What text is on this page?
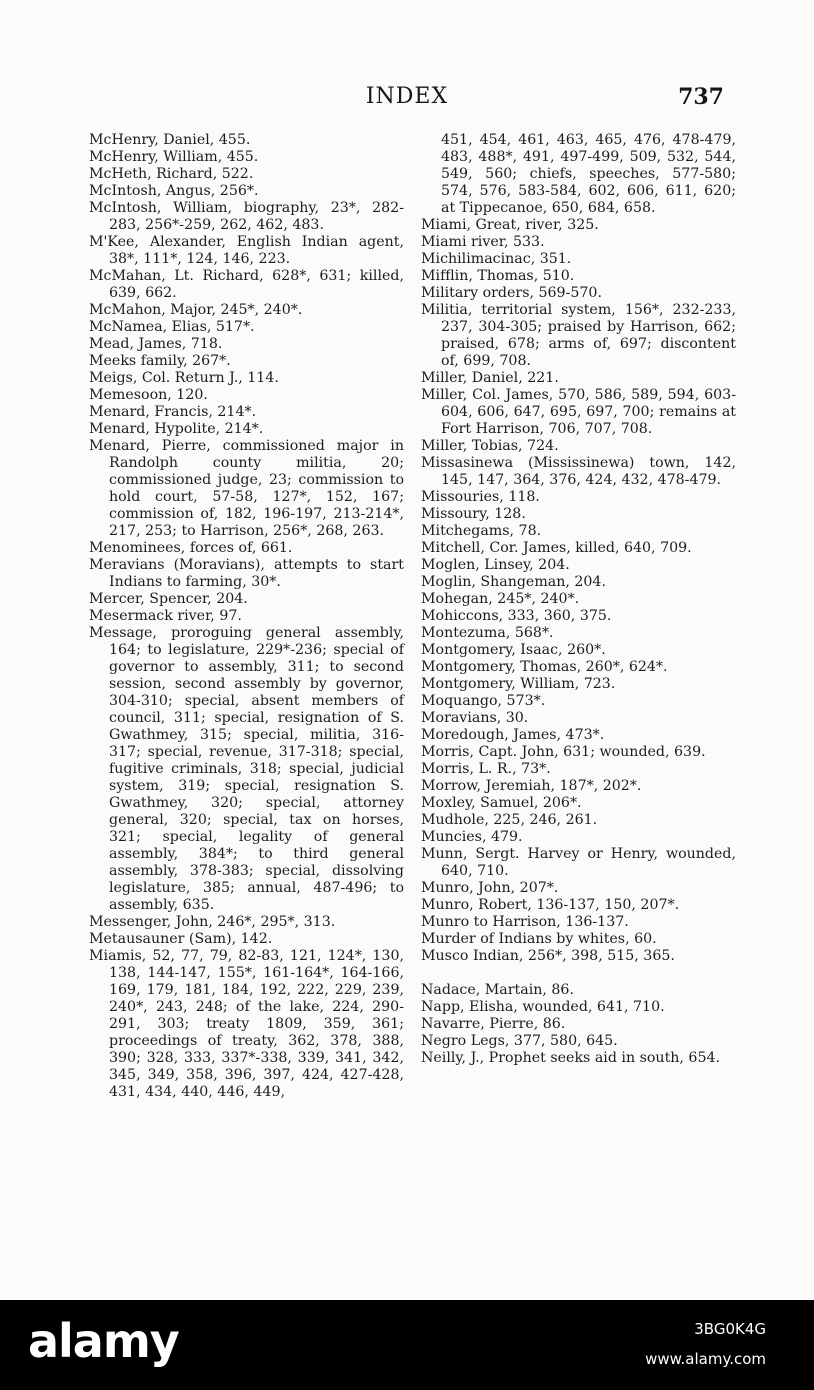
INDEX	737
McHenry, Daniel, 455.
McHenry, William, 455.
McHeth, Richard, 522.
McIntosh, Angus, 256*.
McIntosh, William, biography, 23*, 282-283, 256*-259, 262, 462, 483.
M'Kee, Alexander, English Indian agent, 38*, 111*, 124, 146, 223.
McMahan, Lt. Richard, 628*, 631; killed, 639, 662.
McMahon, Major, 245*, 240*.
McNamea, Elias, 517*.
Mead, James, 718.
Meeks family, 267*.
Meigs, Col. Return J., 114.
Memesoon, 120.
Menard, Francis, 214*.
Menard, Hypolite, 214*.
Menard, Pierre, commissioned major in Randolph county militia, 20; commissioned judge, 23; commission to hold court, 57-58, 127*, 152, 167; commission of, 182, 196-197, 213-214*, 217, 253; to Harrison, 256*, 268, 263.
Menominees, forces of, 661.
Meravians (Moravians), attempts to start Indians to farming, 30*.
Mercer, Spencer, 204.
Mesermack river, 97.
Message, proroguing general assembly, 164; to legislature, 229*-236; special of governor to assembly, 311; to second session, second assembly by governor, 304-310; special, absent members of council, 311; special, resignation of S. Gwathmey, 315; special, militia, 316-317; special, revenue, 317-318; special, fugitive criminals, 318; special, judicial system, 319; special, resignation S. Gwathmey, 320; special, attorney general, 320; special, tax on horses, 321; special, legality of general assembly, 384*; to third general assembly, 378-383; special, dissolving legislature, 385; annual, 487-496; to assembly, 635.
Messenger, John, 246*, 295*, 313.
Metausauner (Sam), 142.
Miamis, 52, 77, 79, 82-83, 121, 124*, 130, 138, 144-147, 155*, 161-164*, 164-166, 169, 179, 181, 184, 192, 222, 229, 239, 240*, 243, 248; of the lake, 224, 290-291, 303; treaty 1809, 359, 361; proceedings of treaty, 362, 378, 388, 390; 328, 333, 337*-338, 339, 341, 342, 345, 349, 358, 396, 397, 424, 427-428, 431, 434, 440, 446, 449,
451, 454, 461, 463, 465, 476, 478-479, 483, 488*, 491, 497-499, 509, 532, 544, 549, 560; chiefs, speeches, 577-580; 574, 576, 583-584, 602, 606, 611, 620; at Tippecanoe, 650, 684, 658.
Miami, Great, river, 325.
Miami river, 533.
Michilimacinac, 351.
Mifflin, Thomas, 510.
Military orders, 569-570.
Militia, territorial system, 156*, 232-233, 237, 304-305; praised by Harrison, 662; praised, 678; arms of, 697; discontent of, 699, 708.
Miller, Daniel, 221.
Miller, Col. James, 570, 586, 589, 594, 603-604, 606, 647, 695, 697, 700; remains at Fort Harrison, 706, 707, 708.
Miller, Tobias, 724.
Missasinewa (Mississinewa) town, 142, 145, 147, 364, 376, 424, 432, 478-479.
Missouries, 118.
Missoury, 128.
Mitchegams, 78.
Mitchell, Cor. James, killed, 640, 709.
Moglen, Linsey, 204.
Moglin, Shangeman, 204.
Mohegan, 245*, 240*.
Mohiccons, 333, 360, 375.
Montezuma, 568*.
Montgomery, Isaac, 260*.
Montgomery, Thomas, 260*, 624*.
Montgomery, William, 723.
Moquango, 573*.
Moravians, 30.
Moredough, James, 473*.
Morris, Capt. John, 631; wounded, 639.
Morris, L. R., 73*.
Morrow, Jeremiah, 187*, 202*.
Moxley, Samuel, 206*.
Mudhole, 225, 246, 261.
Muncies, 479.
Munn, Sergt. Harvey or Henry, wounded, 640, 710.
Munro, John, 207*.
Munro, Robert, 136-137, 150, 207*.
Munro to Harrison, 136-137.
Murder of Indians by whites, 60.
Musco Indian, 256*, 398, 515, 365.
Nadace, Martain, 86.
Napp, Elisha, wounded, 641, 710.
Navarre, Pierre, 86.
Negro Legs, 377, 580, 645.
Neilly, J., Prophet seeks aid in south, 654.
alamy	3BG0K4G
www.alamy.com
